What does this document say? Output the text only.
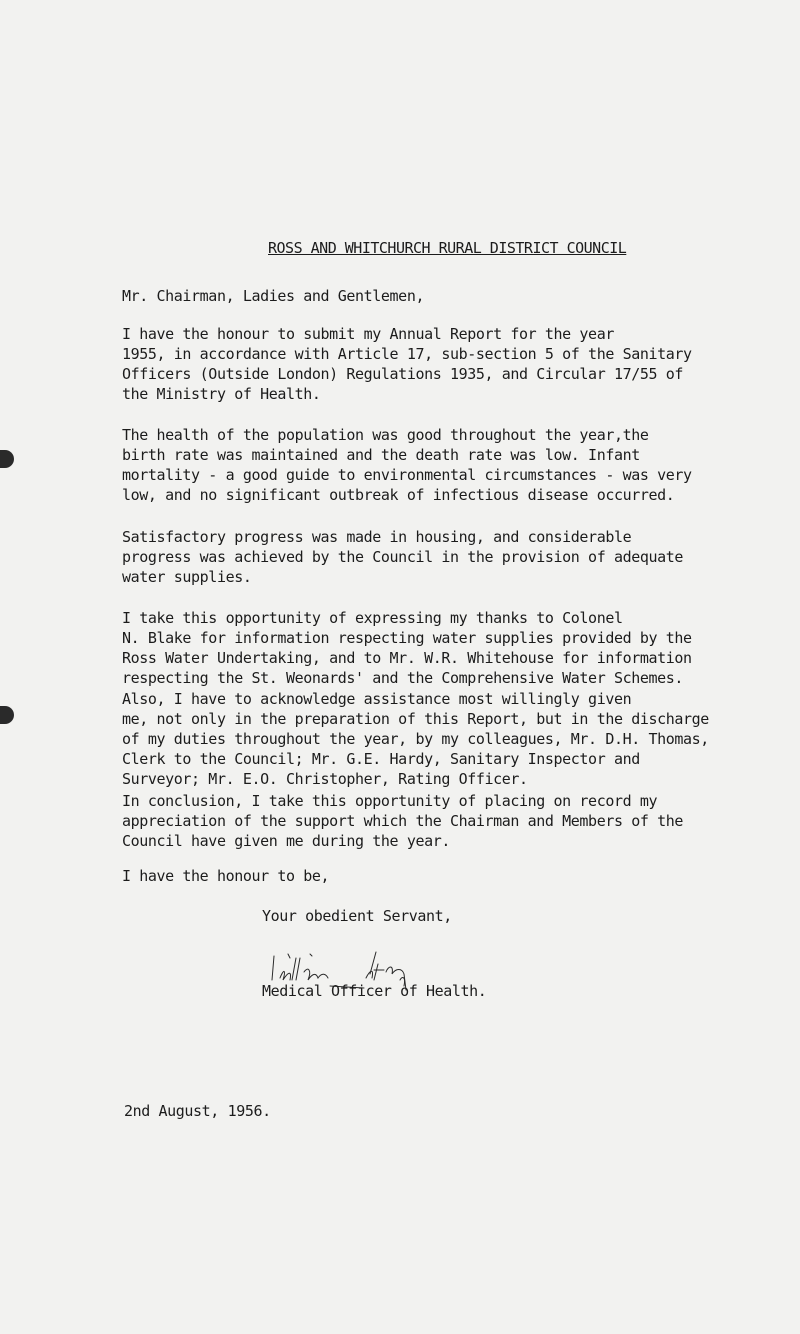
ROSS AND WHITCHURCH RURAL DISTRICT COUNCIL
Mr. Chairman, Ladies and Gentlemen,
I have the honour to submit my Annual Report for the year
1955, in accordance with Article 17, sub-section 5 of the Sanitary
Officers (Outside London) Regulations 1935, and Circular 17/55 of
the Ministry of Health.
The health of the population was good throughout the year,the
birth rate was maintained and the death rate was low. Infant
mortality - a good guide to environmental circumstances - was very
low, and no significant outbreak of infectious disease occurred.
Satisfactory progress was made in housing, and considerable
progress was achieved by the Council in the provision of adequate
water supplies.
I take this opportunity of expressing my thanks to Colonel
N. Blake for information respecting water supplies provided by the
Ross Water Undertaking, and to Mr. W.R. Whitehouse for information
respecting the St. Weonards' and the Comprehensive Water Schemes.
Also, I have to acknowledge assistance most willingly given
me, not only in the preparation of this Report, but in the discharge
of my duties throughout the year, by my colleagues, Mr. D.H. Thomas,
Clerk to the Council; Mr. G.E. Hardy, Sanitary Inspector and
Surveyor; Mr. E.O. Christopher, Rating Officer.
In conclusion, I take this opportunity of placing on record my
appreciation of the support which the Chairman and Members of the
Council have given me during the year.
I have the honour to be,
Your obedient Servant,
Medical Officer of Health.
2nd August, 1956.
